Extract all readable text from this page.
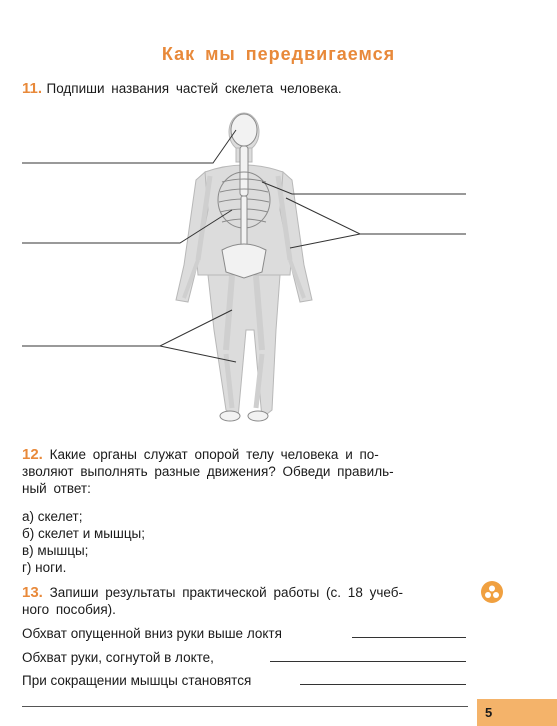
Как мы передвигаемся
11. Подпиши названия частей скелета человека.
12. Какие органы служат опорой телу человека и по-
зволяют выполнять разные движения? Обведи правиль-
ный ответ:
а) скелет;
б) скелет и мышцы;
в) мышцы;
г) ноги.
13. Запиши результаты практической работы (с. 18 учеб-
ного пособия).
Обхват опущенной вниз руки выше локтя
Обхват руки, согнутой в локте,
При сокращении мышцы становятся
5
